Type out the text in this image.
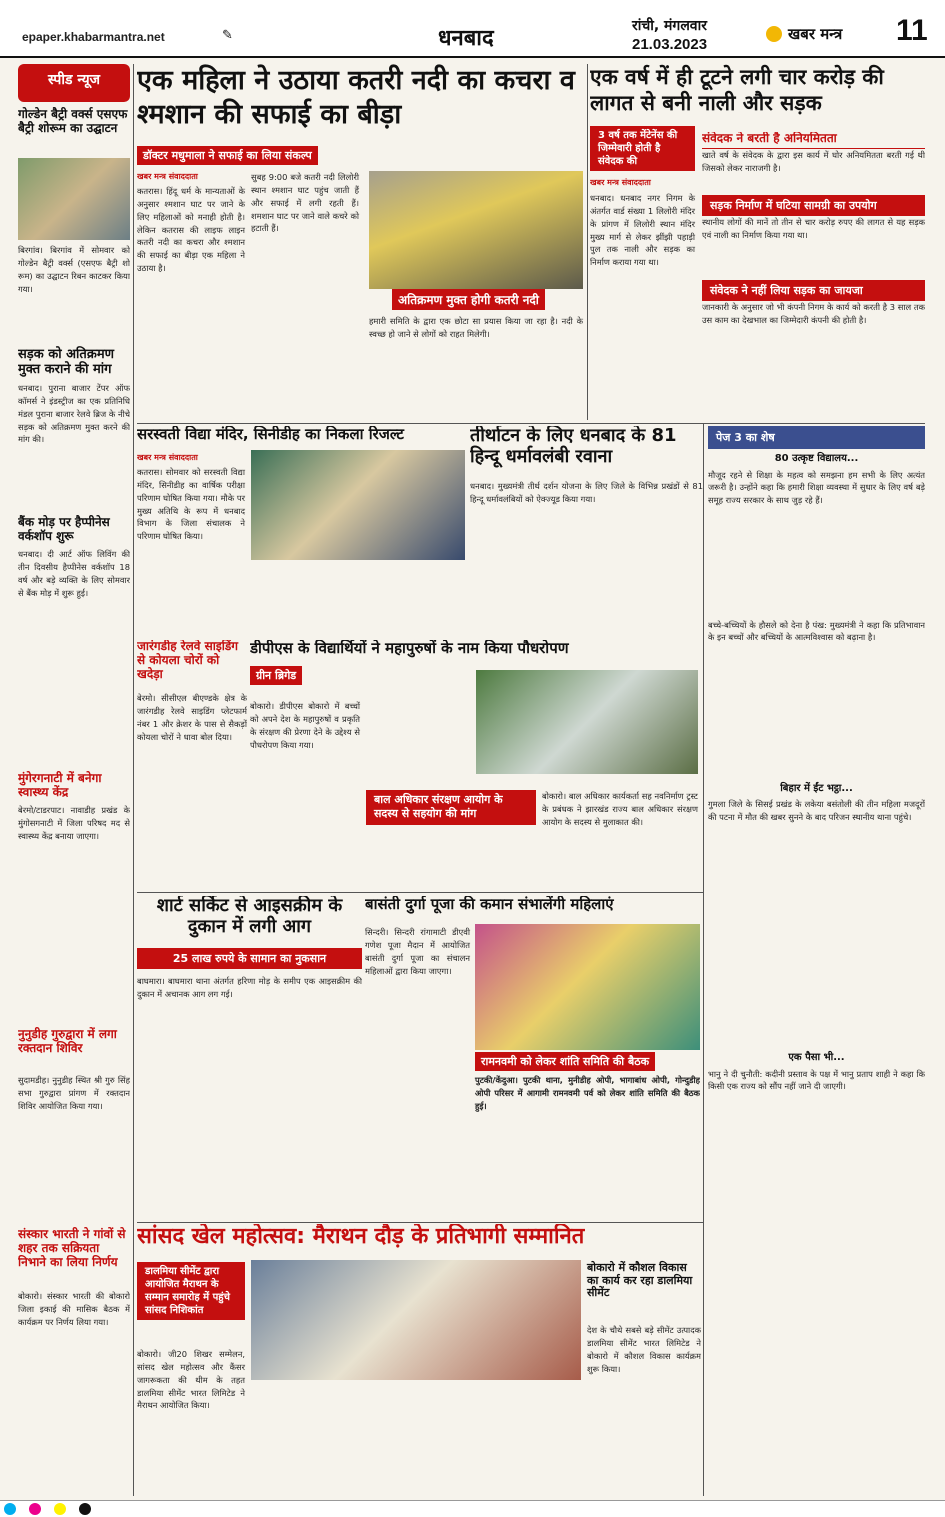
epaper.khabarmantra.net	✎	धनबाद	रांची, मंगलवार
21.03.2023
खबर मन्त्र 11
स्पीड न्यूज
गोल्डेन बैट्री वर्क्स एसएफ बैट्री शोरूम का उद्घाटन
बिरगांव। बिरगांव में सोमवार को गोल्डेन बैट्री वर्क्स (एसएफ बैट्री शो रूम) का उद्घाटन रिबन काटकर किया गया।
सड़क को अतिक्रमण मुक्त कराने की मांग
धनबाद। पुराना बाजार टेंपर ऑफ कॉमर्स ने इंडस्ट्रीज का एक प्रतिनिधि मंडल पुराना बाजार रेलवे ब्रिज के नीचे सड़क को अतिक्रमण मुक्त करने की मांग की।
बैंक मोड़ पर हैप्पीनेस वर्कशॉप शुरू
धनबाद। दी आर्ट ऑफ लिविंग की तीन दिवसीय हैप्पीनेस वर्कशॉप 18 वर्ष और बड़े व्यक्ति के लिए सोमवार से बैंक मोड़ में शुरू हुई।
मुंगेरगनाटी में बनेगा स्वास्थ्य केंद्र
बेरमो/टाडरपाट। नावाडीह प्रखंड के मुंगोसगनाटी में जिला परिषद मद से स्वास्थ्य केंद्र बनाया जाएगा।
नुनुडीह गुरुद्वारा में लगा रक्तदान शिविर
सुदामडीह। नुनुडीह स्थित श्री गुरु सिंह सभा गुरुद्वारा प्रांगण में रक्तदान शिविर आयोजित किया गया।
संस्कार भारती ने गांवों से शहर तक सक्रियता निभाने का लिया निर्णय
बोकारो। संस्कार भारती की बोकारो जिला इकाई की मासिक बैठक में कार्यक्रम पर निर्णय लिया गया।
एक महिला ने उठाया कतरी नदी का कचरा व श्मशान की सफाई का बीड़ा
डॉक्टर मधुमाला ने सफाई का लिया संकल्प
खबर मन्त्र संवाददाता
कतरास। हिंदू धर्म के मान्यताओं के अनुसार श्मशान घाट पर जाने के लिए महिलाओं को मनाही होती है। लेकिन कतरास की लाइफ लाइन कतरी नदी का कचरा और श्मशान की सफाई का बीड़ा एक महिला ने उठाया है।
सुबह 9:00 बजे कतरी नदी लिलोरी स्थान श्मशान घाट पहुंच जाती हैं और सफाई में लगी रहती हैं। शमशान घाट पर जाने वाले कचरे को हटाती हैं।
अतिक्रमण मुक्त होगी कतरी नदी
हमारी समिति के द्वारा एक छोटा सा प्रयास किया जा रहा है। नदी के स्वच्छ हो जाने से लोगों को राहत मिलेगी।
एक वर्ष में ही टूटने लगी चार करोड़ की लागत से बनी नाली और सड़क
3 वर्ष तक मेंटेनेंस की जिम्मेवारी होती है संवेदक की
खबर मन्त्र संवाददाता
धनबाद। धनबाद नगर निगम के अंतर्गत वार्ड संख्या 1 लिलोरी मंदिर के प्रांगण में लिलोरी स्थान मंदिर मुख्य मार्ग से लेकर झींझी पहाड़ी पुल तक नाली और सड़क का निर्माण कराया गया था।
संवेदक ने बरती है अनियमितता
खाते वर्ष के संवेदक के द्वारा इस कार्य में घोर अनियमितता बरती गई थी जिसको लेकर नाराजगी है।
सड़क निर्माण में घटिया सामग्री का उपयोग
स्थानीय लोगों की मानें तो तीन से चार करोड़ रुपए की लागत से यह सड़क एवं नाली का निर्माण किया गया था।
संवेदक ने नहीं लिया सड़क का जायजा
जानकारी के अनुसार जो भी कंपनी निगम के कार्य को करती है 3 साल तक उस काम का देखभाल का जिम्मेदारी कंपनी की होती है।
सरस्वती विद्या मंदिर, सिनीडीह का निकला रिजल्ट
खबर मन्त्र संवाददाता
कतरास। सोमवार को सरस्वती विद्या मंदिर, सिनीडीह का वार्षिक परीक्षा परिणाम घोषित किया गया। मौके पर मुख्य अतिथि के रूप में धनबाद विभाग के जिला संचालक ने परिणाम घोषित किया।
तीर्थाटन के लिए धनबाद के 81 हिन्दू धर्मावलंबी रवाना
धनबाद। मुख्यमंत्री तीर्थ दर्शन योजना के लिए जिले के विभिन्न प्रखंडों से 81 हिन्दू धर्मावलंबियों को ऐक्ज्यूड किया गया।
पेज 3 का शेष
80 उत्कृष्ट विद्यालय...
मौजूद रहने से शिक्षा के महत्व को समझना हम सभी के लिए अत्यंत जरूरी है। उन्होंने कहा कि हमारी शिक्षा व्यवस्था में सुधार के लिए वर्ष बड़े समूह राज्य सरकार के साथ जुड़ रहे हैं।
बच्चे-बच्चियों के हौसले को देना है पंख: मुख्यमंत्री ने कहा कि प्रतिभावान के इन बच्चों और बच्चियों के आत्मविश्वास को बढ़ाना है।
बिहार में ईंट भट्ठा...
गुमला जिले के सिसई प्रखंड के लकेया बसंतोली की तीन महिला मजदूरों की पटना में मौत की खबर सुनने के बाद परिजन स्थानीय थाना पहुंचे।
एक पैसा भी...
भानु ने दी चुनौती: कदीनी प्रस्ताव के पक्ष में भानु प्रताप शाही ने कहा कि किसी एक राज्य को सौंप नहीं जाने दी जाएगी।
जारंगडीह रेलवे साइडिंग से कोयला चोरों को खदेड़ा
बेरमो। सीसीएल बीएण्डके क्षेत्र के जारंगडीह रेलवे साइडिंग प्लेटफार्म नंबर 1 और क्रेशर के पास से सैकड़ों कोयला चोरों ने धावा बोल दिया।
डीपीएस के विद्यार्थियों ने महापुरुषों के नाम किया पौधरोपण
ग्रीन ब्रिगेड
बोकारो। डीपीएस बोकारो में बच्चों को अपने देश के महापुरुषों व प्रकृति के संरक्षण की प्रेरणा देने के उद्देश्य से पौधरोपण किया गया।
बाल अधिकार संरक्षण आयोग के सदस्य से सहयोग की मांग
बोकारो। बाल अधिकार कार्यकर्ता सह नवनिर्माण ट्रस्ट के प्रबंधक ने झारखंड राज्य बाल अधिकार संरक्षण आयोग के सदस्य से मुलाकात की।
शार्ट सर्किट से आइसक्रीम के दुकान में लगी आग
25 लाख रुपये के सामान का नुकसान
बाघमारा। बाघमारा थाना अंतर्गत हरिणा मोड़ के समीप एक आइसक्रीम की दुकान में अचानक आग लग गई।
बासंती दुर्गा पूजा की कमान संभालेंगी महिलाएं
सिन्दरी। सिन्दरी रांगामाटी डीएवी गणेश पूजा मैदान में आयोजित बासंती दुर्गा पूजा का संचालन महिलाओं द्वारा किया जाएगा।
रामनवमी को लेकर शांति समिति की बैठक
पुटकी/केंदुआ। पुटकी थाना, मुनीडीह ओपी, भागाबांध ओपी, गोन्दुडीह ओपी परिसर में आगामी रामनवमी पर्व को लेकर शांति समिति की बैठक हुई।
सांसद खेल महोत्सव: मैराथन दौड़ के प्रतिभागी सम्मानित
डालमिया सीमेंट द्वारा आयोजित मैराथन के सम्मान समारोह में पहुंचे सांसद निशिकांत
बोकारो। जी20 शिखर सम्मेलन, सांसद खेल महोत्सव और कैंसर जागरूकता की थीम के तहत डालमिया सीमेंट भारत लिमिटेड ने मैराथन आयोजित किया।
बोकारो में कौशल विकास का कार्य कर रहा डालमिया सीमेंट
देश के चौथे सबसे बड़े सीमेंट उत्पादक डालमिया सीमेंट भारत लिमिटेड ने बोकारो में कौशल विकास कार्यक्रम शुरू किया।
